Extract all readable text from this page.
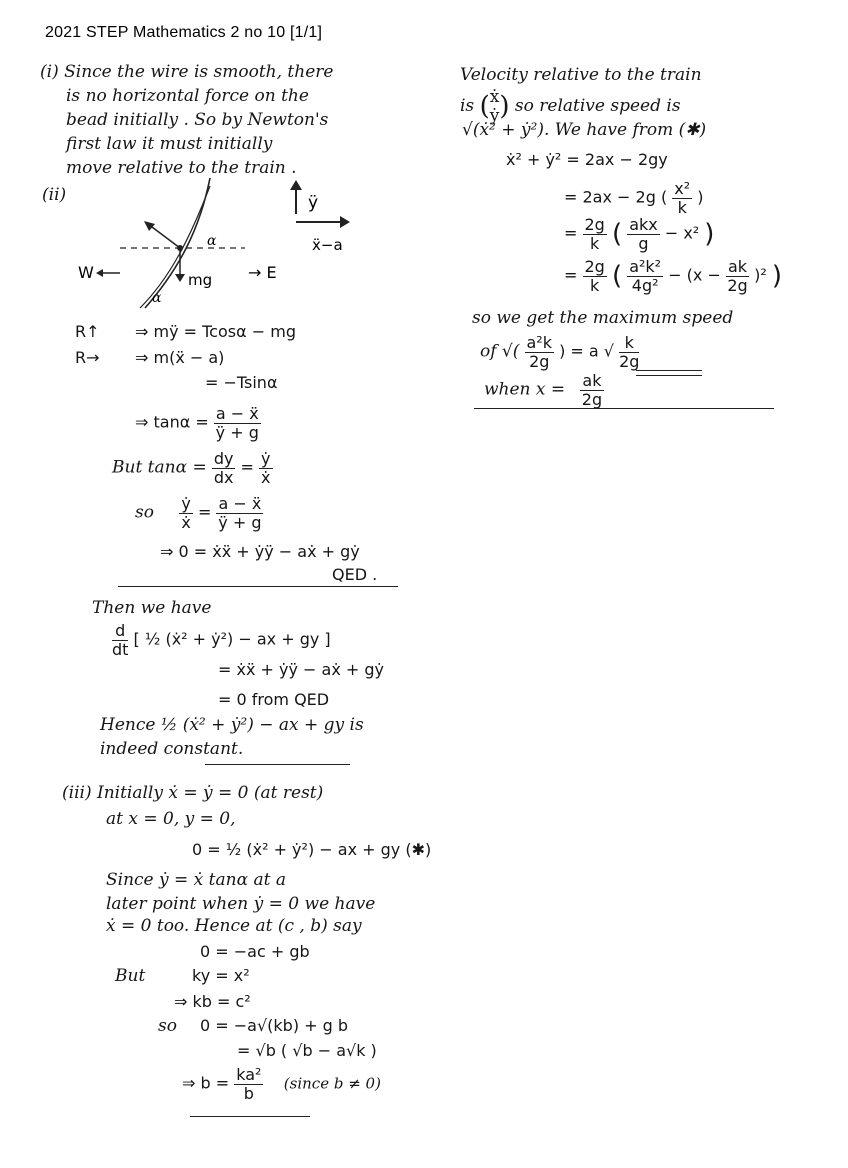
2021 STEP Mathematics 2 no 10 [1/1]
(i) Since the wire is smooth, there
is no horizontal force on the
bead initially . So by Newton's
first law it must initially
move relative to the train .
(ii)
α
α
mg
W	→ E
ÿ
ẍ−a
R↑ ⇒ mÿ = Tcosα − mg
R→ ⇒ m(ẍ − a)
= −Tsinα
⇒ $\tan\alpha = \frac{\text{a − ẍ}}{ÿ + g}$
But $\tan\alpha = \frac{dy}{dx} = \frac{\text{ẏ}}{\text{ẋ}}$
so $\frac{\text{ẏ}}{\text{ẋ}} = \frac{\text{a − ẍ}}{ÿ + g}$
⇒ 0 = ẋẍ + ẏÿ − aẋ + gẏ
QED .
Then we have
$\frac{d}{dt}$ [ ½ (ẋ² + ẏ²) − ax + gy ]
= ẋẍ + ẏÿ − aẋ + gẏ
= 0 from QED
Hence ½ (ẋ² + ẏ²) − ax + gy is
indeed constant.
(iii) Initially ẋ = ẏ = 0 (at rest)
at x = 0, y = 0,
0 = ½ (ẋ² + ẏ²) − ax + gy (✱)
Since ẏ = ẋ tanα at a
later point when ẏ = 0 we have
ẋ = 0 too. Hence at (c , b) say
0 = −ac + gb
But	ky = x²
⇒ kb = c²
so 0 = −a√(kb) + g b
= √b ( √b − a√k )
⇒ $b = \frac{\text{ka²}}{b}$ (since b ≠ 0)
Velocity relative to the train
is ( ẋ
ẏ ) so relative speed is
√(ẋ² + ẏ²). We have from (✱)
ẋ² + ẏ² = 2ax − 2gy
= 2ax − 2g ( $\frac{\text{x²}}{k}$ )
= $\frac{2g}{k}$ ( $\frac{\text{akx}}{g} - x^2$ )
= $\frac{2g}{k}$ ( $\frac{\text{a²k²}}{\text{4g²}} - (x - \frac{ak}{2g} )^2$ )
so we get the maximum speed
of √( $\frac{\text{a²k}}{2g}$ ) = a √ $\frac{k}{2g}$
when $x = \frac{ak}{2g}$
